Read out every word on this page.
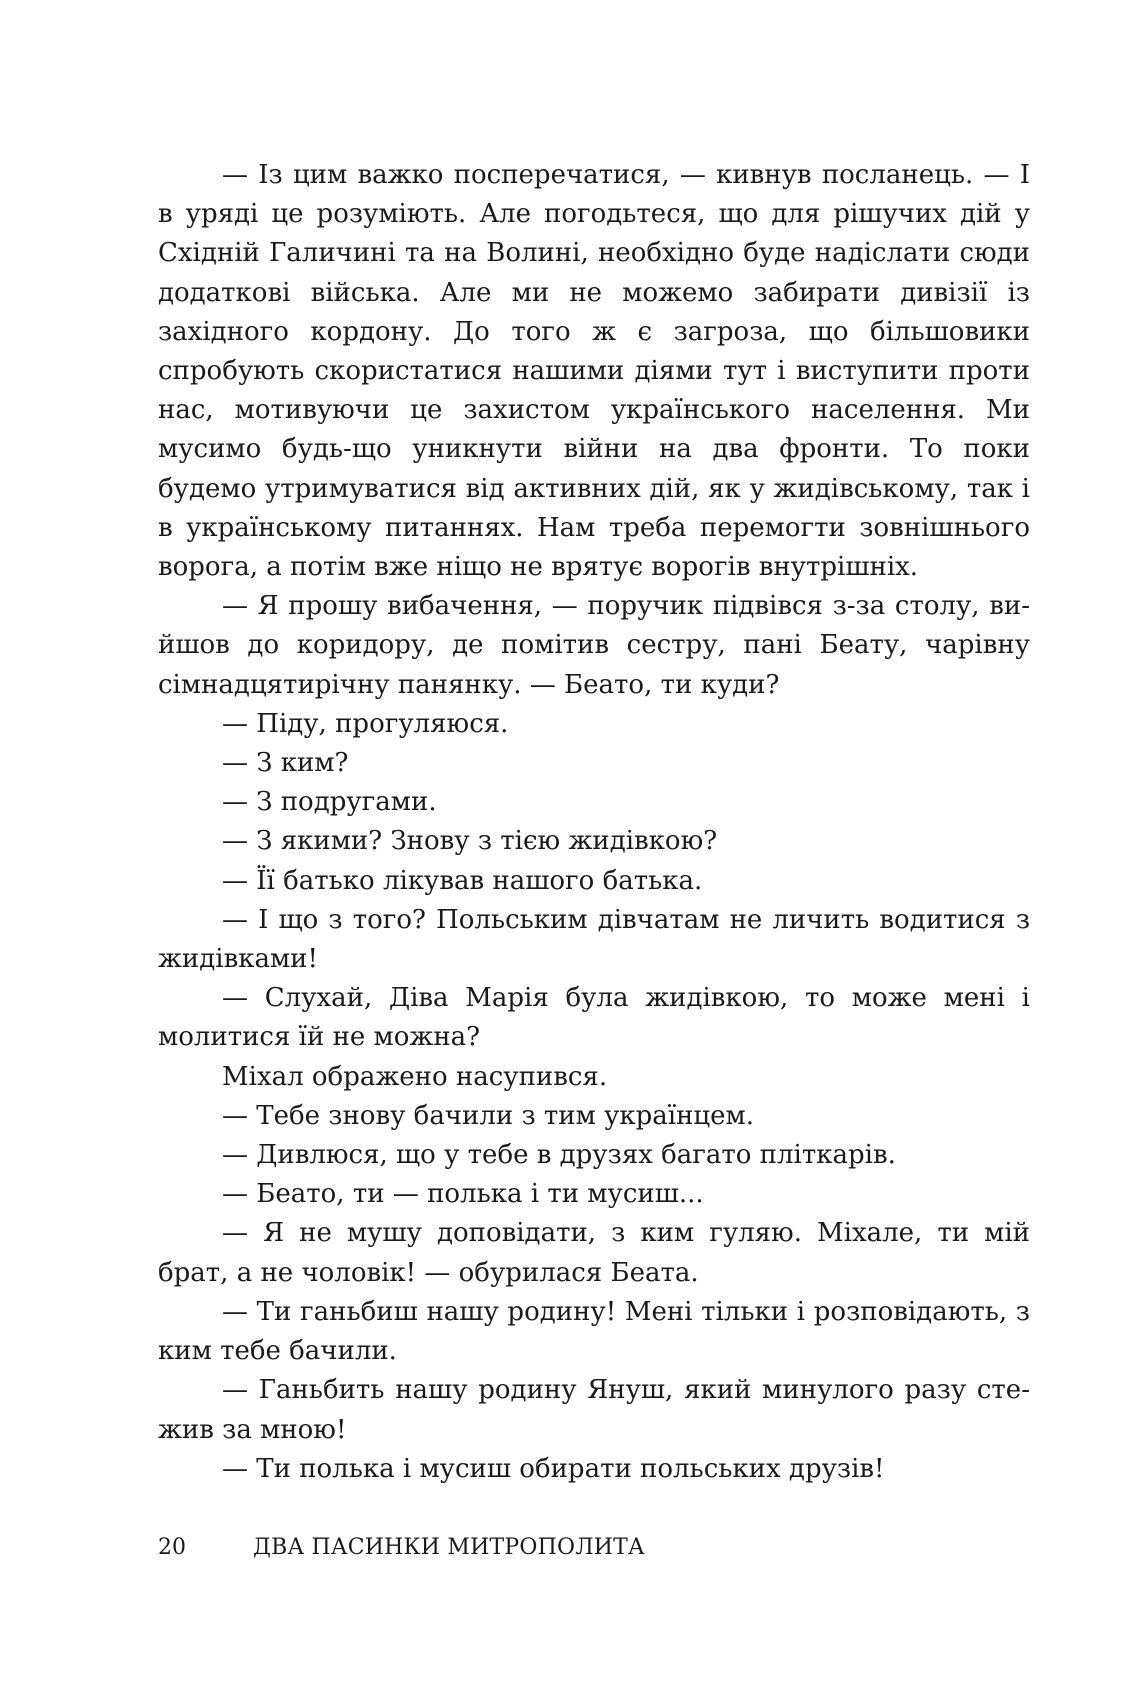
— Із цим важко посперечатися, — кивнув посланець. — І в уряді це розуміють. Але погодьтеся, що для рішучих дій у Східній Галичині та на Волині, необхідно буде надіслати сюди додаткові війська. Але ми не можемо забирати дивізії із західного кордону. До того ж є загроза, що більшовики спробують скористатися нашими діями тут і виступити проти нас, мотивуючи це захистом українського населення. Ми мусимо будь-що уникнути війни на два фронти. То поки будемо утримуватися від активних дій, як у жидівському, так і в українському питаннях. Нам треба перемогти зовнішнього ворога, а потім вже ніщо не врятує ворогів внутрішніх.

— Я прошу вибачення, — поручик підвівся з-за столу, вийшов до коридору, де помітив сестру, пані Беату, чарівну сімнадцятирічну панянку. — Беато, ти куди?

— Піду, прогуляюся.

— З ким?

— З подругами.

— З якими? Знову з тією жидівкою?

— Її батько лікував нашого батька.

— І що з того? Польським дівчатам не личить водитися з жидівками!

— Слухай, Діва Марія була жидівкою, то може мені і молитися їй не можна?

Міхал ображено насупився.

— Тебе знову бачили з тим українцем.

— Дивлюся, що у тебе в друзях багато пліткарів.

— Беато, ти — полька і ти мусиш...

— Я не мушу доповідати, з ким гуляю. Міхале, ти мій брат, а не чоловік! — обурилася Беата.

— Ти ганьбиш нашу родину! Мені тільки і розповідають, з ким тебе бачили.

— Ганьбить нашу родину Януш, який минулого разу стежив за мною!

— Ти полька і мусиш обирати польських друзів!

20	ДВА ПАСИНКИ МИТРОПОЛИТА
